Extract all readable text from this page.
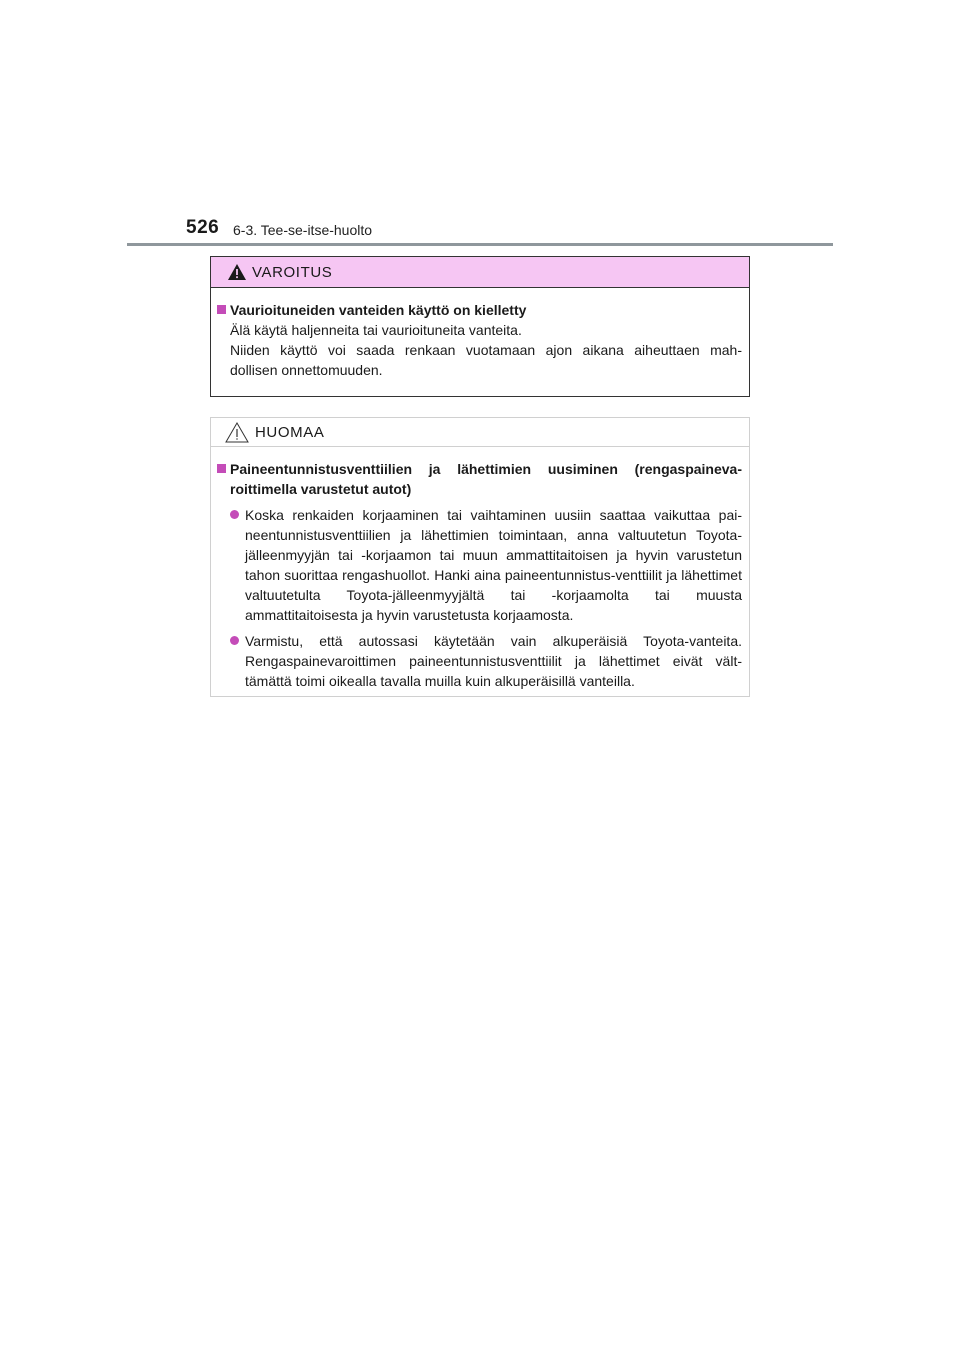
526 6-3. Tee-se-itse-huolto
VAROITUS
Vaurioituneiden vanteiden käyttö on kielletty
Älä käytä haljenneita tai vaurioituneita vanteita.
Niiden käyttö voi saada renkaan vuotamaan ajon aikana aiheuttaen mah-
dollisen onnettomuuden.
HUOMAA
Paineentunnistusventtiilien ja lähettimien uusiminen (rengaspaineva-roittimella varustetut autot)
Koska renkaiden korjaaminen tai vaihtaminen uusiin saattaa vaikuttaa pai-neentunnistusventtiilien ja lähettimien toimintaan, anna valtuutetun Toyota-jälleenmyyjän tai -korjaamon tai muun ammattitaitoisen ja hyvin varustetun tahon suorittaa rengashuollot. Hanki aina paineentunnistus-venttiilit ja lähettimet valtuutetulta Toyota-jälleenmyyjältä tai -korjaamolta tai muusta ammattitaitoisesta ja hyvin varustetusta korjaamosta.
Varmistu, että autossasi käytetään vain alkuperäisiä Toyota-vanteita. Rengaspainevaroittimen paineentunnistusventtiilit ja lähettimet eivät vält-tämättä toimi oikealla tavalla muilla kuin alkuperäisillä vanteilla.
